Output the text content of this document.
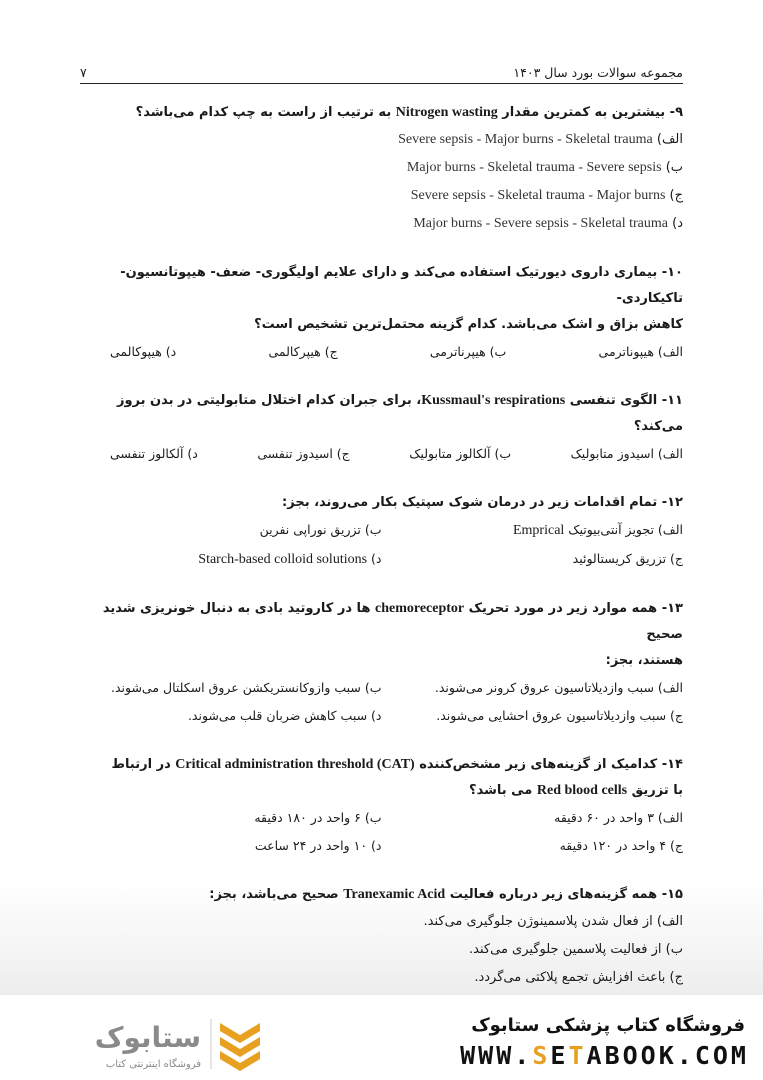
مجموعه سوالات بورد سال ۱۴۰۳
۷
۹- بیشترین به کمترین مقدار Nitrogen wasting به ترتیب از راست به چپ کدام می‌باشد؟
الف) Severe sepsis - Major burns - Skeletal trauma
ب) Major burns - Skeletal trauma - Severe sepsis
ج) Severe sepsis - Skeletal trauma - Major burns
د) Major burns - Severe sepsis - Skeletal trauma
۱۰- بیماری داروی دیورتیک استفاده می‌کند و دارای علایم اولیگوری- ضعف- هیپوتانسیون- تاکیکاردی-
کاهش بزاق و اشک می‌باشد. کدام گزینه محتمل‌ترین تشخیص است؟
الف) هیپوناترمی
ب) هیپرناترمی
ج) هیپرکالمی
د) هیپوکالمی
۱۱- الگوی تنفسی Kussmaul's respirations، برای جبران کدام اختلال متابولیتی در بدن بروز می‌کند؟
الف) اسیدوز متابولیک
ب) آلکالوز متابولیک
ج) اسیدوز تنفسی
د) آلکالوز تنفسی
۱۲- تمام اقدامات زیر در درمان شوک سپتیک بکار می‌روند، بجز:
الف) تجویز آنتی‌بیوتیک Emprical
ب) تزریق نوراپی نفرین
ج) تزریق کریستالوئید
د) Starch-based colloid solutions
۱۳- همه موارد زیر در مورد تحریک chemoreceptor ها در کاروتید بادی به دنبال خونریزی شدید صحیح
هستند، بجز:
الف) سبب وازدیلاتاسیون عروق کرونر می‌شوند.
ب) سبب وازوکانستریکشن عروق اسکلتال می‌شوند.
ج) سبب وازدیلاتاسیون عروق احشایی می‌شوند.
د) سبب کاهش ضربان قلب می‌شوند.
۱۴- کدامیک از گزینه‌های زیر مشخص‌کننده Critical administration threshold (CAT) در ارتباط
با تزریق Red blood cells می باشد؟
الف) ۳ واحد در ۶۰ دقیقه
ب) ۶ واحد در ۱۸۰ دقیقه
ج) ۴ واحد در ۱۲۰ دقیقه
د) ۱۰ واحد در ۲۴ ساعت
۱۵- همه گزینه‌های زیر درباره فعالیت Tranexamic Acid صحیح می‌باشد، بجز:
الف) از فعال شدن پلاسمینوژن جلوگیری می‌کند.
ب) از فعالیت پلاسمین جلوگیری می‌کند.
ج) باعث افزایش تجمع پلاکتی می‌گردد.
ستابوک
فروشگاه اینترنتی کتاب
فروشگاه کتاب پزشکی ستابوک
WWW.SETABOOK.COM
